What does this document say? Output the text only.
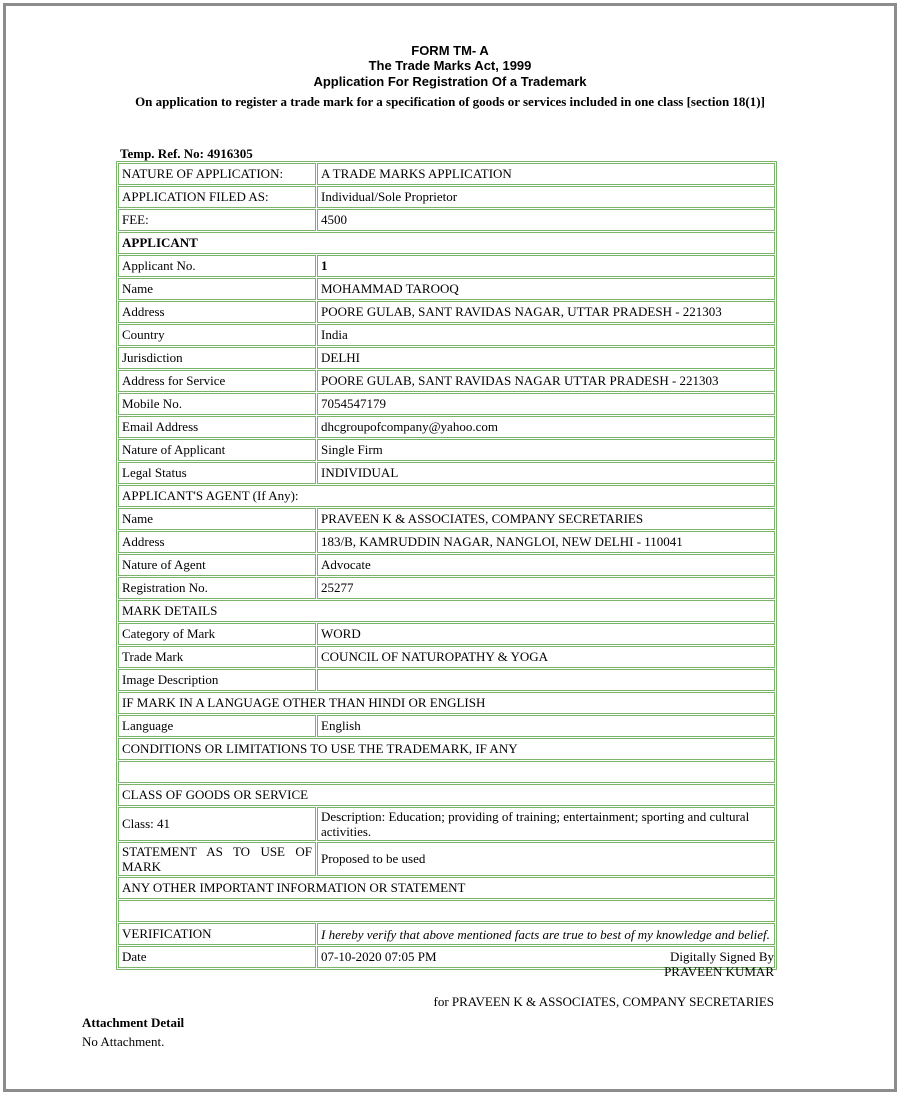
FORM TM- A
The Trade Marks Act, 1999
Application For Registration Of a Trademark
On application to register a trade mark for a specification of goods or services included in one class [section 18(1)]
Temp. Ref. No: 4916305
NATURE OF APPLICATION:	A TRADE MARKS APPLICATION
APPLICATION FILED AS:	Individual/Sole Proprietor
FEE:	4500
APPLICANT	
Applicant No.	1
Name	MOHAMMAD TAROOQ
Address	POORE GULAB, SANT RAVIDAS NAGAR, UTTAR PRADESH - 221303
Country	India
Jurisdiction	DELHI
Address for Service	POORE GULAB, SANT RAVIDAS NAGAR UTTAR PRADESH - 221303
Mobile No.	7054547179
Email Address	dhcgroupofcompany@yahoo.com
Nature of Applicant	Single Firm
Legal Status	INDIVIDUAL
APPLICANT'S AGENT (If Any):	
Name	PRAVEEN K & ASSOCIATES, COMPANY SECRETARIES
Address	183/B, KAMRUDDIN NAGAR, NANGLOI, NEW DELHI - 110041
Nature of Agent	Advocate
Registration No.	25277
MARK DETAILS	
Category of Mark	WORD
Trade Mark	COUNCIL OF NATUROPATHY & YOGA
Image Description	
IF MARK IN A LANGUAGE OTHER THAN HINDI OR ENGLISH	
Language	English
CONDITIONS OR LIMITATIONS TO USE THE TRADEMARK, IF ANY	

CLASS OF GOODS OR SERVICE	
Class: 41	Description: Education; providing of training; entertainment; sporting and cultural activities.
STATEMENT AS TO USE OF MARK	Proposed to be used
ANY OTHER IMPORTANT INFORMATION OR STATEMENT	

VERIFICATION	I hereby verify that above mentioned facts are true to best of my knowledge and belief.
Date	07-10-2020 07:05 PM	Digitally Signed By
PRAVEEN KUMAR
for PRAVEEN K & ASSOCIATES, COMPANY SECRETARIES
Attachment Detail
No Attachment.
